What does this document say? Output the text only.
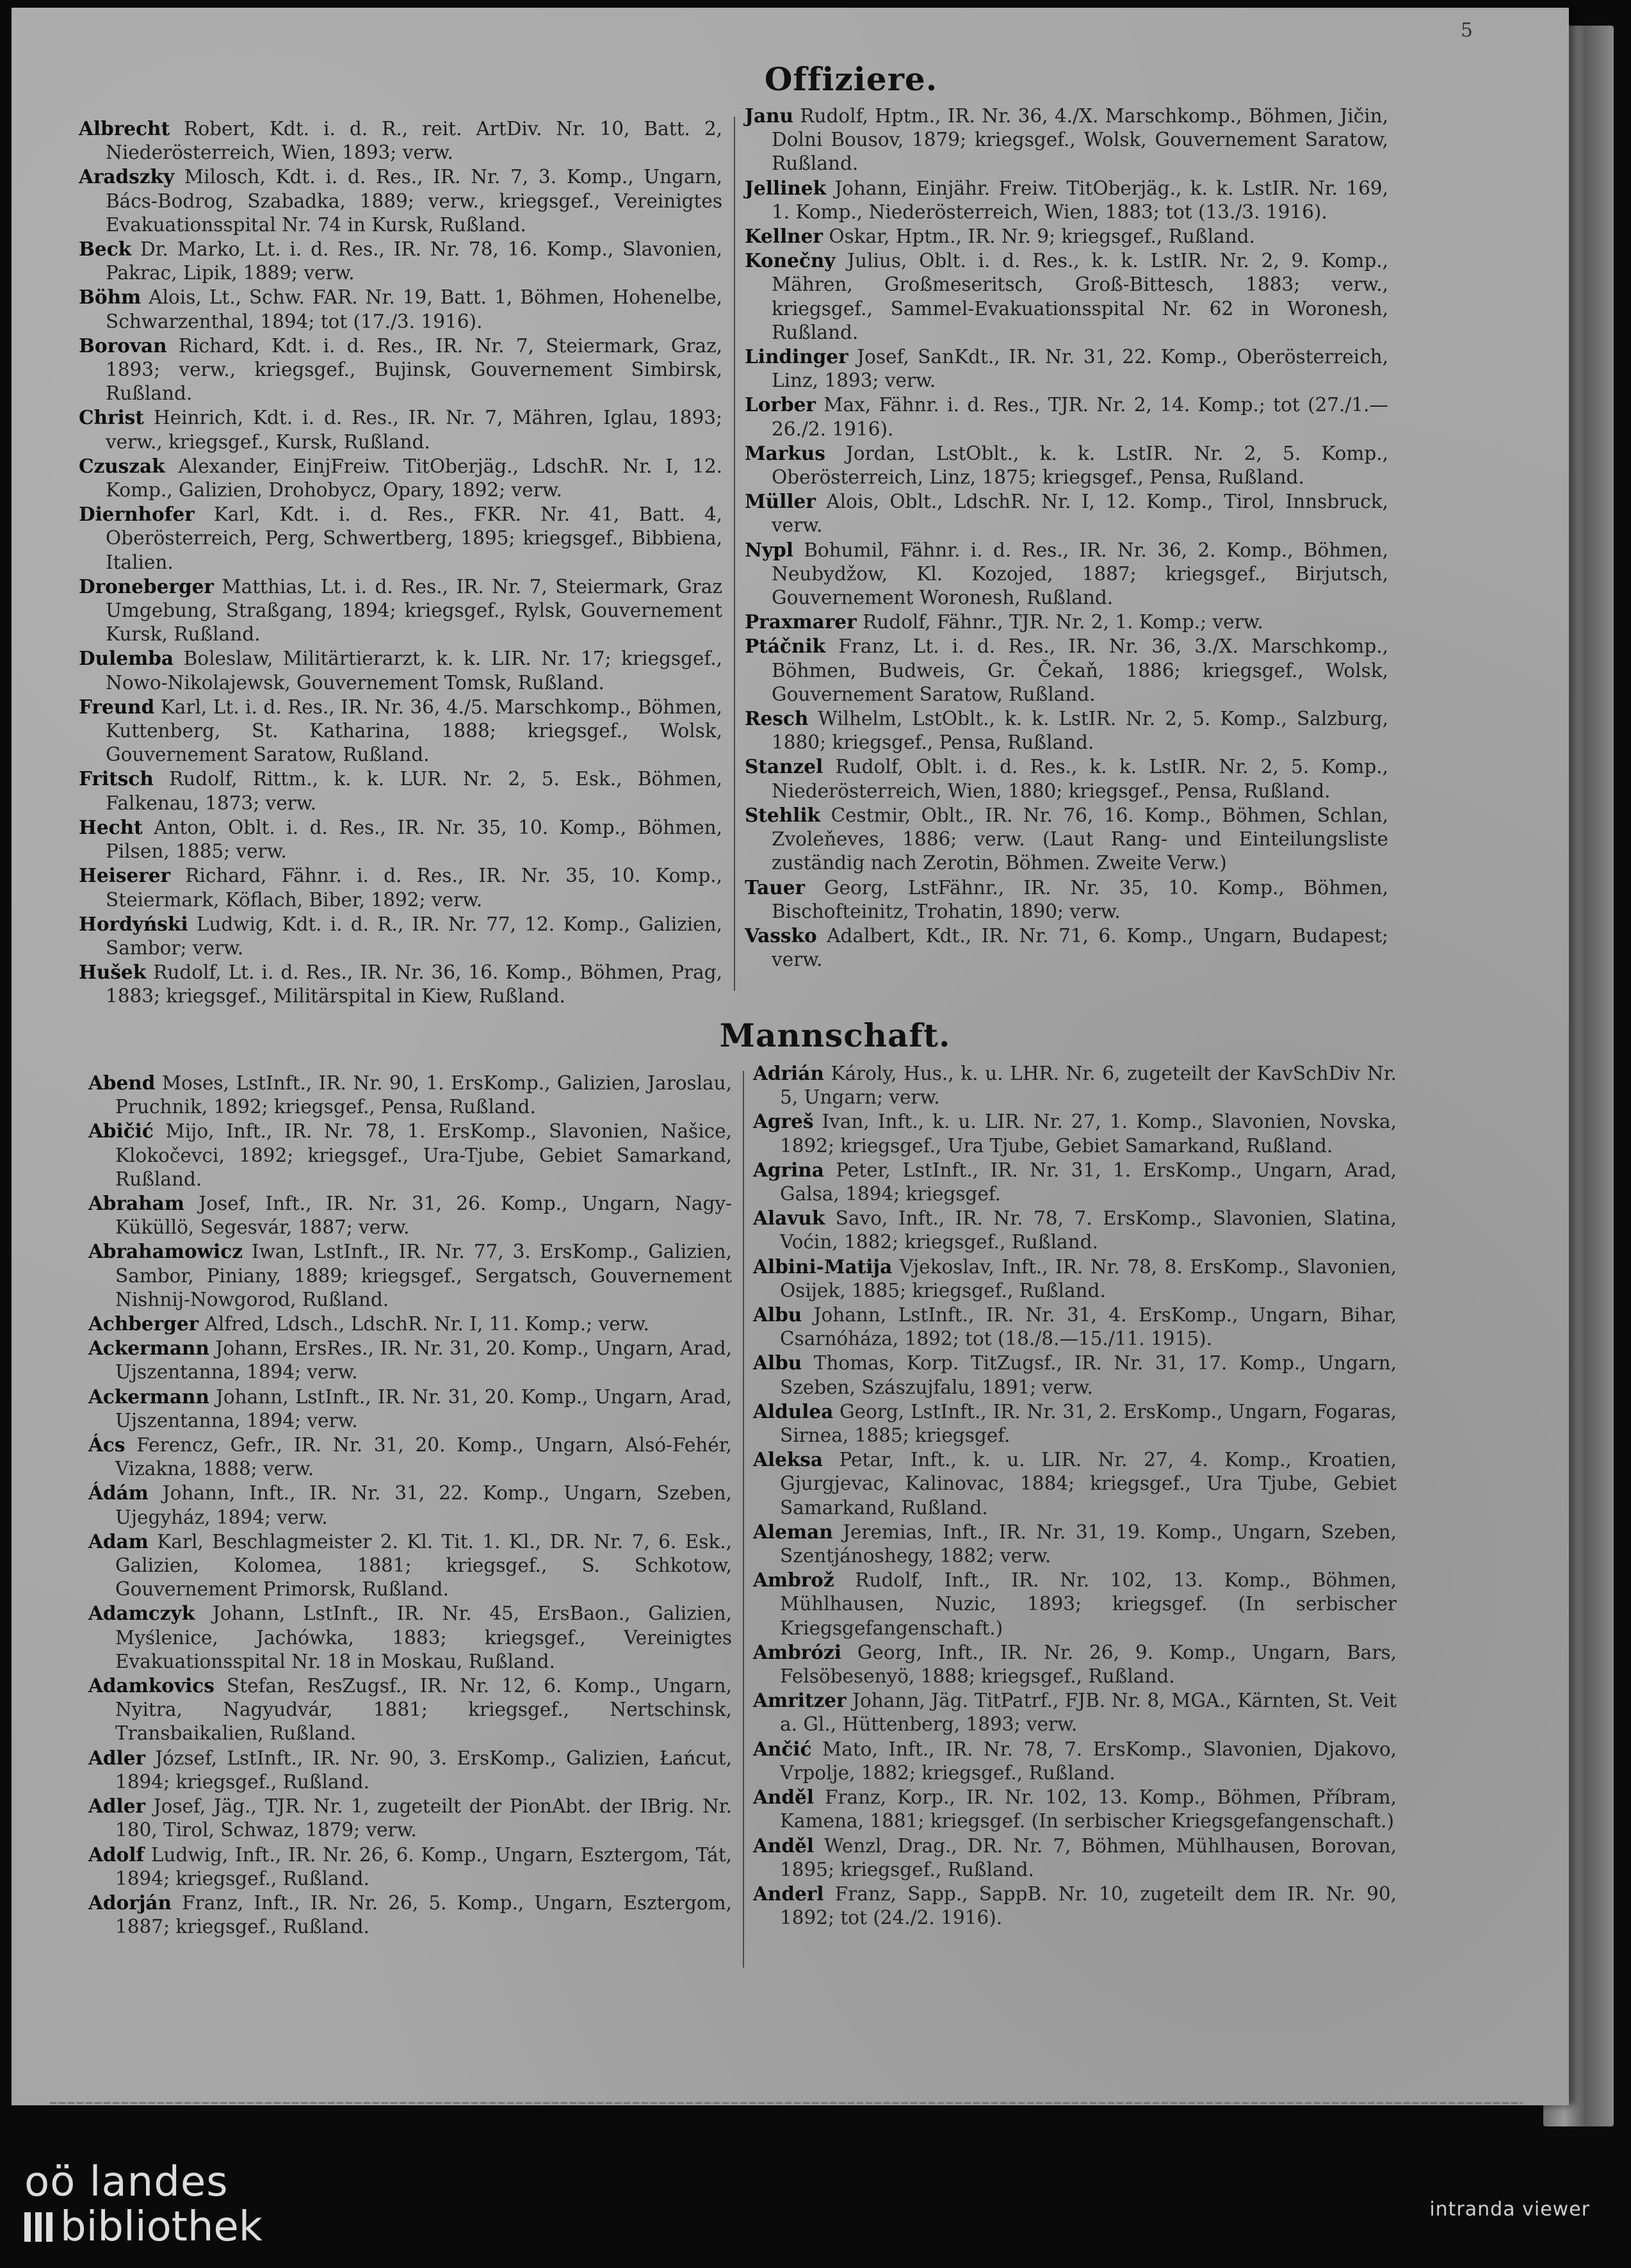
5
Offiziere.

Albrecht Robert, Kdt. i. d. R., reit. ArtDiv. Nr. 10, Batt. 2, Niederösterreich, Wien, 1893; verw.

Aradszky Milosch, Kdt. i. d. Res., IR. Nr. 7, 3. Komp., Ungarn, Bács-Bodrog, Szabadka, 1889; verw., kriegsgef., Vereinigtes Evakuationsspital Nr. 74 in Kursk, Rußland.

Beck Dr. Marko, Lt. i. d. Res., IR. Nr. 78, 16. Komp., Slavonien, Pakrac, Lipik, 1889; verw.

Böhm Alois, Lt., Schw. FAR. Nr. 19, Batt. 1, Böhmen, Hohenelbe, Schwarzenthal, 1894; tot (17./3. 1916).

Borovan Richard, Kdt. i. d. Res., IR. Nr. 7, Steiermark, Graz, 1893; verw., kriegsgef., Bujinsk, Gouvernement Simbirsk, Rußland.

Christ Heinrich, Kdt. i. d. Res., IR. Nr. 7, Mähren, Iglau, 1893; verw., kriegsgef., Kursk, Rußland.

Czuszak Alexander, EinjFreiw. TitOberjäg., LdschR. Nr. I, 12. Komp., Galizien, Drohobycz, Opary, 1892; verw.

Diernhofer Karl, Kdt. i. d. Res., FKR. Nr. 41, Batt. 4, Oberösterreich, Perg, Schwertberg, 1895; kriegsgef., Bibbiena, Italien.

Droneberger Matthias, Lt. i. d. Res., IR. Nr. 7, Steiermark, Graz Umgebung, Straßgang, 1894; kriegsgef., Rylsk, Gouvernement Kursk, Rußland.

Dulemba Boleslaw, Militärtierarzt, k. k. LIR. Nr. 17; kriegsgef., Nowo-Nikolajewsk, Gouvernement Tomsk, Rußland.

Freund Karl, Lt. i. d. Res., IR. Nr. 36, 4./5. Marschkomp., Böhmen, Kuttenberg, St. Katharina, 1888; kriegsgef., Wolsk, Gouvernement Saratow, Rußland.

Fritsch Rudolf, Rittm., k. k. LUR. Nr. 2, 5. Esk., Böhmen, Falkenau, 1873; verw.

Hecht Anton, Oblt. i. d. Res., IR. Nr. 35, 10. Komp., Böhmen, Pilsen, 1885; verw.

Heiserer Richard, Fähnr. i. d. Res., IR. Nr. 35, 10. Komp., Steiermark, Köflach, Biber, 1892; verw.

Hordyński Ludwig, Kdt. i. d. R., IR. Nr. 77, 12. Komp., Galizien, Sambor; verw.

Hušek Rudolf, Lt. i. d. Res., IR. Nr. 36, 16. Komp., Böhmen, Prag, 1883; kriegsgef., Militärspital in Kiew, Rußland.

Janu Rudolf, Hptm., IR. Nr. 36, 4./X. Marschkomp., Böhmen, Jičin, Dolni Bousov, 1879; kriegsgef., Wolsk, Gouvernement Saratow, Rußland.

Jellinek Johann, Einjähr. Freiw. TitOberjäg., k. k. LstIR. Nr. 169, 1. Komp., Niederösterreich, Wien, 1883; tot (13./3. 1916).

Kellner Oskar, Hptm., IR. Nr. 9; kriegsgef., Rußland.

Konečny Julius, Oblt. i. d. Res., k. k. LstIR. Nr. 2, 9. Komp., Mähren, Großmeseritsch, Groß-Bittesch, 1883; verw., kriegsgef., Sammel-Evakuationsspital Nr. 62 in Woronesh, Rußland.

Lindinger Josef, SanKdt., IR. Nr. 31, 22. Komp., Oberösterreich, Linz, 1893; verw.

Lorber Max, Fähnr. i. d. Res., TJR. Nr. 2, 14. Komp.; tot (27./1.—26./2. 1916).

Markus Jordan, LstOblt., k. k. LstIR. Nr. 2, 5. Komp., Oberösterreich, Linz, 1875; kriegsgef., Pensa, Rußland.

Müller Alois, Oblt., LdschR. Nr. I, 12. Komp., Tirol, Innsbruck, verw.

Nypl Bohumil, Fähnr. i. d. Res., IR. Nr. 36, 2. Komp., Böhmen, Neubydžow, Kl. Kozojed, 1887; kriegsgef., Birjutsch, Gouvernement Woronesh, Rußland.

Praxmarer Rudolf, Fähnr., TJR. Nr. 2, 1. Komp.; verw.

Ptáčnik Franz, Lt. i. d. Res., IR. Nr. 36, 3./X. Marschkomp., Böhmen, Budweis, Gr. Čekaň, 1886; kriegsgef., Wolsk, Gouvernement Saratow, Rußland.

Resch Wilhelm, LstOblt., k. k. LstIR. Nr. 2, 5. Komp., Salzburg, 1880; kriegsgef., Pensa, Rußland.

Stanzel Rudolf, Oblt. i. d. Res., k. k. LstIR. Nr. 2, 5. Komp., Niederösterreich, Wien, 1880; kriegsgef., Pensa, Rußland.

Stehlik Cestmir, Oblt., IR. Nr. 76, 16. Komp., Böhmen, Schlan, Zvoleňeves, 1886; verw. (Laut Rang- und Einteilungsliste zuständig nach Zerotin, Böhmen. Zweite Verw.)

Tauer Georg, LstFähnr., IR. Nr. 35, 10. Komp., Böhmen, Bischofteinitz, Trohatin, 1890; verw.

Vassko Adalbert, Kdt., IR. Nr. 71, 6. Komp., Ungarn, Budapest; verw.

Mannschaft.

Abend Moses, LstInft., IR. Nr. 90, 1. ErsKomp., Galizien, Jaroslau, Pruchnik, 1892; kriegsgef., Pensa, Rußland.

Abičić Mijo, Inft., IR. Nr. 78, 1. ErsKomp., Slavonien, Našice, Klokočevci, 1892; kriegsgef., Ura-Tjube, Gebiet Samarkand, Rußland.

Abraham Josef, Inft., IR. Nr. 31, 26. Komp., Ungarn, Nagy-Küküllö, Segesvár, 1887; verw.

Abrahamowicz Iwan, LstInft., IR. Nr. 77, 3. ErsKomp., Galizien, Sambor, Piniany, 1889; kriegsgef., Sergatsch, Gouvernement Nishnij-Nowgorod, Rußland.

Achberger Alfred, Ldsch., LdschR. Nr. I, 11. Komp.; verw.

Ackermann Johann, ErsRes., IR. Nr. 31, 20. Komp., Ungarn, Arad, Ujszentanna, 1894; verw.

Ackermann Johann, LstInft., IR. Nr. 31, 20. Komp., Ungarn, Arad, Ujszentanna, 1894; verw.

Ács Ferencz, Gefr., IR. Nr. 31, 20. Komp., Ungarn, Alsó-Fehér, Vizakna, 1888; verw.

Ádám Johann, Inft., IR. Nr. 31, 22. Komp., Ungarn, Szeben, Ujegyház, 1894; verw.

Adam Karl, Beschlagmeister 2. Kl. Tit. 1. Kl., DR. Nr. 7, 6. Esk., Galizien, Kolomea, 1881; kriegsgef., S. Schkotow, Gouvernement Primorsk, Rußland.

Adamczyk Johann, LstInft., IR. Nr. 45, ErsBaon., Galizien, Myślenice, Jachówka, 1883; kriegsgef., Vereinigtes Evakuationsspital Nr. 18 in Moskau, Rußland.

Adamkovics Stefan, ResZugsf., IR. Nr. 12, 6. Komp., Ungarn, Nyitra, Nagyudvár, 1881; kriegsgef., Nertschinsk, Transbaikalien, Rußland.

Adler József, LstInft., IR. Nr. 90, 3. ErsKomp., Galizien, Łańcut, 1894; kriegsgef., Rußland.

Adler Josef, Jäg., TJR. Nr. 1, zugeteilt der PionAbt. der IBrig. Nr. 180, Tirol, Schwaz, 1879; verw.

Adolf Ludwig, Inft., IR. Nr. 26, 6. Komp., Ungarn, Esztergom, Tát, 1894; kriegsgef., Rußland.

Adorján Franz, Inft., IR. Nr. 26, 5. Komp., Ungarn, Esztergom, 1887; kriegsgef., Rußland.

Adrián Károly, Hus., k. u. LHR. Nr. 6, zugeteilt der KavSchDiv Nr. 5, Ungarn; verw.

Agreš Ivan, Inft., k. u. LIR. Nr. 27, 1. Komp., Slavonien, Novska, 1892; kriegsgef., Ura Tjube, Gebiet Samarkand, Rußland.

Agrina Peter, LstInft., IR. Nr. 31, 1. ErsKomp., Ungarn, Arad, Galsa, 1894; kriegsgef.

Alavuk Savo, Inft., IR. Nr. 78, 7. ErsKomp., Slavonien, Slatina, Voćin, 1882; kriegsgef., Rußland.

Albini-Matija Vjekoslav, Inft., IR. Nr. 78, 8. ErsKomp., Slavonien, Osijek, 1885; kriegsgef., Rußland.

Albu Johann, LstInft., IR. Nr. 31, 4. ErsKomp., Ungarn, Bihar, Csarnóháza, 1892; tot (18./8.—15./11. 1915).

Albu Thomas, Korp. TitZugsf., IR. Nr. 31, 17. Komp., Ungarn, Szeben, Szászujfalu, 1891; verw.

Aldulea Georg, LstInft., IR. Nr. 31, 2. ErsKomp., Ungarn, Fogaras, Sirnea, 1885; kriegsgef.

Aleksa Petar, Inft., k. u. LIR. Nr. 27, 4. Komp., Kroatien, Gjurgjevac, Kalinovac, 1884; kriegsgef., Ura Tjube, Gebiet Samarkand, Rußland.

Aleman Jeremias, Inft., IR. Nr. 31, 19. Komp., Ungarn, Szeben, Szentjánoshegy, 1882; verw.

Ambrož Rudolf, Inft., IR. Nr. 102, 13. Komp., Böhmen, Mühlhausen, Nuzic, 1893; kriegsgef. (In serbischer Kriegsgefangenschaft.)

Ambrózi Georg, Inft., IR. Nr. 26, 9. Komp., Ungarn, Bars, Felsöbesenyö, 1888; kriegsgef., Rußland.

Amritzer Johann, Jäg. TitPatrf., FJB. Nr. 8, MGA., Kärnten, St. Veit a. Gl., Hüttenberg, 1893; verw.

Ančić Mato, Inft., IR. Nr. 78, 7. ErsKomp., Slavonien, Djakovo, Vrpolje, 1882; kriegsgef., Rußland.

Anděl Franz, Korp., IR. Nr. 102, 13. Komp., Böhmen, Příbram, Kamena, 1881; kriegsgef. (In serbischer Kriegsgefangenschaft.)

Anděl Wenzl, Drag., DR. Nr. 7, Böhmen, Mühlhausen, Borovan, 1895; kriegsgef., Rußland.

Anderl Franz, Sapp., SappB. Nr. 10, zugeteilt dem IR. Nr. 90, 1892; tot (24./2. 1916).

oö landes
bibliothek	intranda viewer
